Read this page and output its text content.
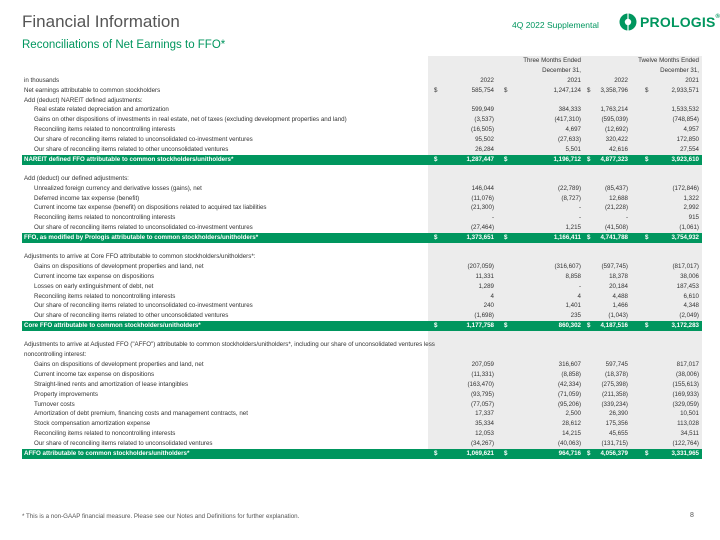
Financial Information
Reconciliations of Net Earnings to FFO*
4Q 2022 Supplemental	PROLOGIS®
Three Months Ended	Twelve Months Ended
December 31,	December 31,
in thousands	2022	2021	2022	2021
Net earnings attributable to common stockholders	$	585,754 $	1,247,124 $	3,358,796	$	2,933,571
Add (deduct) NAREIT defined adjustments:
Real estate related depreciation and amortization	599,949	384,333	1,763,214	1,533,532
Gains on other dispositions of investments in real estate, net of taxes (excluding development properties and land)	(3,537)	(417,310)	(595,039)	(748,854)
Reconciling items related to noncontrolling interests	(16,505)	4,697	(12,692)	4,957
Our share of reconciling items related to unconsolidated co-investment ventures	95,502	(27,633)	320,422	172,850
Our share of reconciling items related to other unconsolidated ventures	26,284	5,501	42,616	27,554
NAREIT defined FFO attributable to common stockholders/unitholders*	$	1,287,447 $	1,196,712 $	4,877,323	$	3,923,610
Add (deduct) our defined adjustments:
Unrealized foreign currency and derivative losses (gains), net	146,044	(22,789)	(85,437)	(172,846)
Deferred income tax expense (benefit)	(11,076)	(8,727)	12,688	1,322
Current income tax expense (benefit) on dispositions related to acquired tax liabilities	(21,300)	-	(21,228)	2,992
Reconciling items related to noncontrolling interests	-	-	-	915
Our share of reconciling items related to unconsolidated co-investment ventures	(27,464)	1,215	(41,508)	(1,061)
FFO, as modified by Prologis attributable to common stockholders/unitholders*	$	1,373,651 $	1,166,411 $	4,741,788	$	3,754,932
Adjustments to arrive at Core FFO attributable to common stockholders/unitholders*:
Gains on dispositions of development properties and land, net	(207,059)	(316,607)	(597,745)	(817,017)
Current income tax expense on dispositions	11,331	8,858	18,378	38,006
Losses on early extinguishment of debt, net	1,289	-	20,184	187,453
Reconciling items related to noncontrolling interests	4	4	4,488	6,610
Our share of reconciling items related to unconsolidated co-investment ventures	240	1,401	1,466	4,348
Our share of reconciling items related to other unconsolidated ventures	(1,698)	235	(1,043)	(2,049)
Core FFO attributable to common stockholders/unitholders*	$	1,177,758 $	860,302 $	4,187,516	$	3,172,283
Adjustments to arrive at Adjusted FFO ("AFFO") attributable to common stockholders/unitholders*, including our share of unconsolidated ventures less noncontrolling interest:
Gains on dispositions of development properties and land, net	207,059	316,607	597,745	817,017
Current income tax expense on dispositions	(11,331)	(8,858)	(18,378)	(38,006)
Straight-lined rents and amortization of lease intangibles	(163,470)	(42,334)	(275,398)	(155,613)
Property improvements	(93,795)	(71,059)	(211,358)	(169,933)
Turnover costs	(77,057)	(95,206)	(339,234)	(329,059)
Amortization of debt premium, financing costs and management contracts, net	17,337	2,500	26,390	10,501
Stock compensation amortization expense	35,334	28,612	175,356	113,028
Reconciling items related to noncontrolling interests	12,053	14,215	45,655	34,511
Our share of reconciling items related to unconsolidated ventures	(34,267)	(40,063)	(131,715)	(122,764)
AFFO attributable to common stockholders/unitholders*	$	1,069,621 $	964,716 $	4,056,379	$	3,331,965
* This is a non-GAAP financial measure. Please see our Notes and Definitions for further explanation.	8
